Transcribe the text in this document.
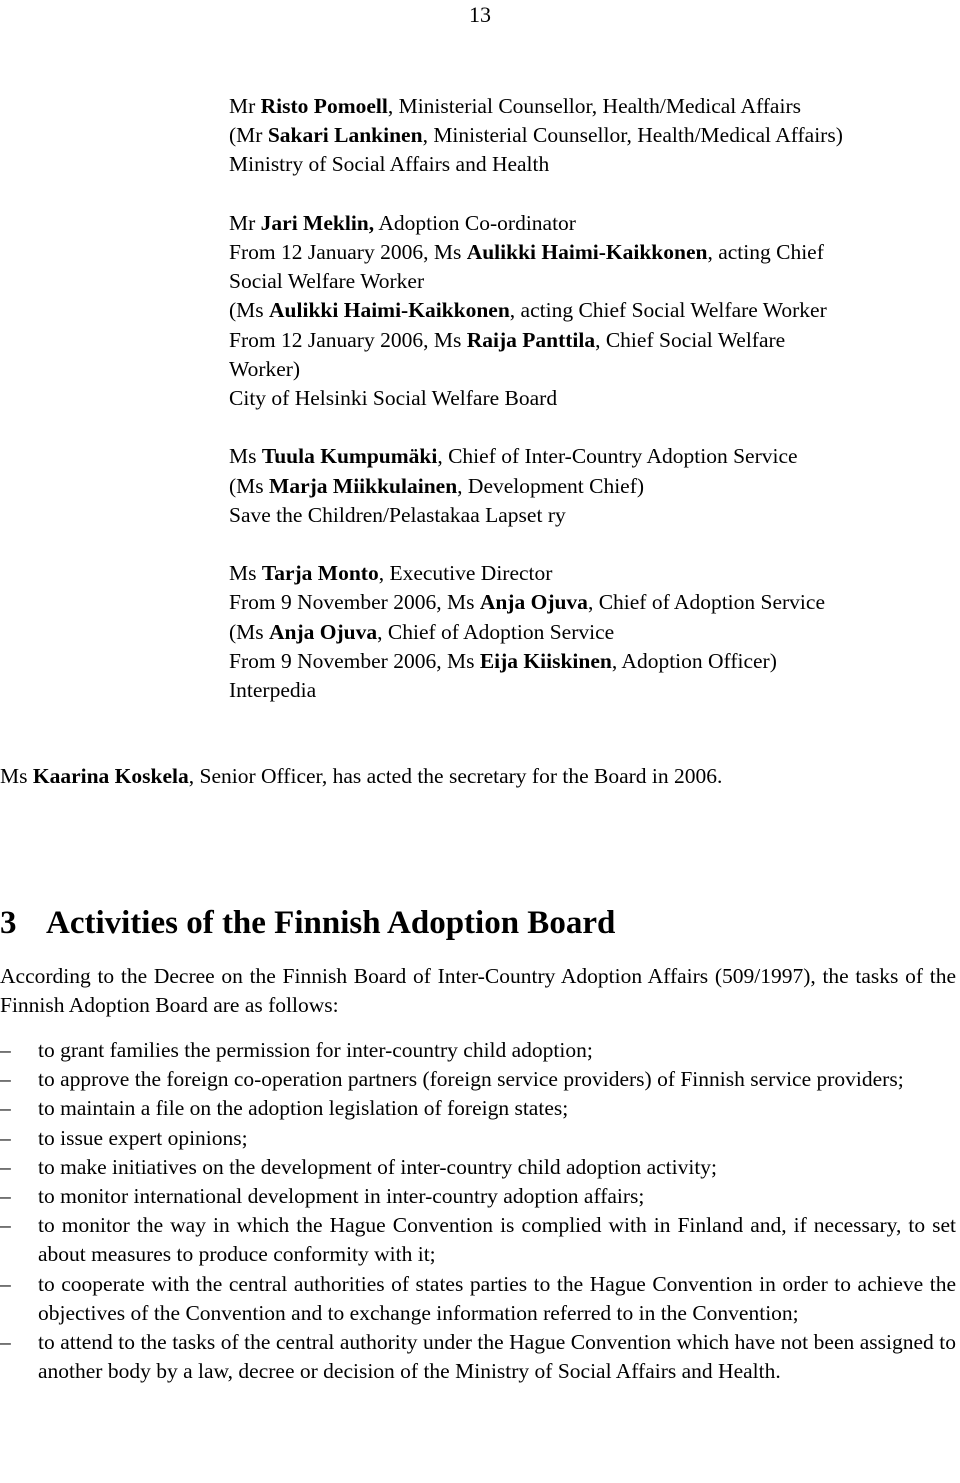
13
Mr Risto Pomoell, Ministerial Counsellor, Health/Medical Affairs
(Mr Sakari Lankinen, Ministerial Counsellor, Health/Medical Affairs)
Ministry of Social Affairs and Health
Mr Jari Meklin, Adoption Co-ordinator
From 12 January 2006, Ms Aulikki Haimi-Kaikkonen, acting Chief
Social Welfare Worker
(Ms Aulikki Haimi-Kaikkonen, acting Chief Social Welfare Worker
From 12 January 2006, Ms Raija Panttila, Chief Social Welfare
Worker)
City of Helsinki Social Welfare Board
Ms Tuula Kumpumäki, Chief of Inter-Country Adoption Service
(Ms Marja Miikkulainen, Development Chief)
Save the Children/Pelastakaa Lapset ry
Ms Tarja Monto, Executive Director
From 9 November 2006, Ms Anja Ojuva, Chief of Adoption Service
(Ms Anja Ojuva, Chief of Adoption Service
From 9 November 2006, Ms Eija Kiiskinen, Adoption Officer)
Interpedia
Ms Kaarina Koskela, Senior Officer, has acted the secretary for the Board in 2006.
3 Activities of the Finnish Adoption Board
According to the Decree on the Finnish Board of Inter-Country Adoption Affairs (509/1997), the tasks of the Finnish Adoption Board are as follows:
–	to grant families the permission for inter-country child adoption;
–	to approve the foreign co-operation partners (foreign service providers) of Finnish service providers;
–	to maintain a file on the adoption legislation of foreign states;
–	to issue expert opinions;
–	to make initiatives on the development of inter-country child adoption activity;
–	to monitor international development in inter-country adoption affairs;
–	to monitor the way in which the Hague Convention is complied with in Finland and, if necessary, to set about measures to produce conformity with it;
–	to cooperate with the central authorities of states parties to the Hague Convention in order to achieve the objectives of the Convention and to exchange information referred to in the Convention;
–	to attend to the tasks of the central authority under the Hague Convention which have not been assigned to another body by a law, decree or decision of the Ministry of Social Affairs and Health.
